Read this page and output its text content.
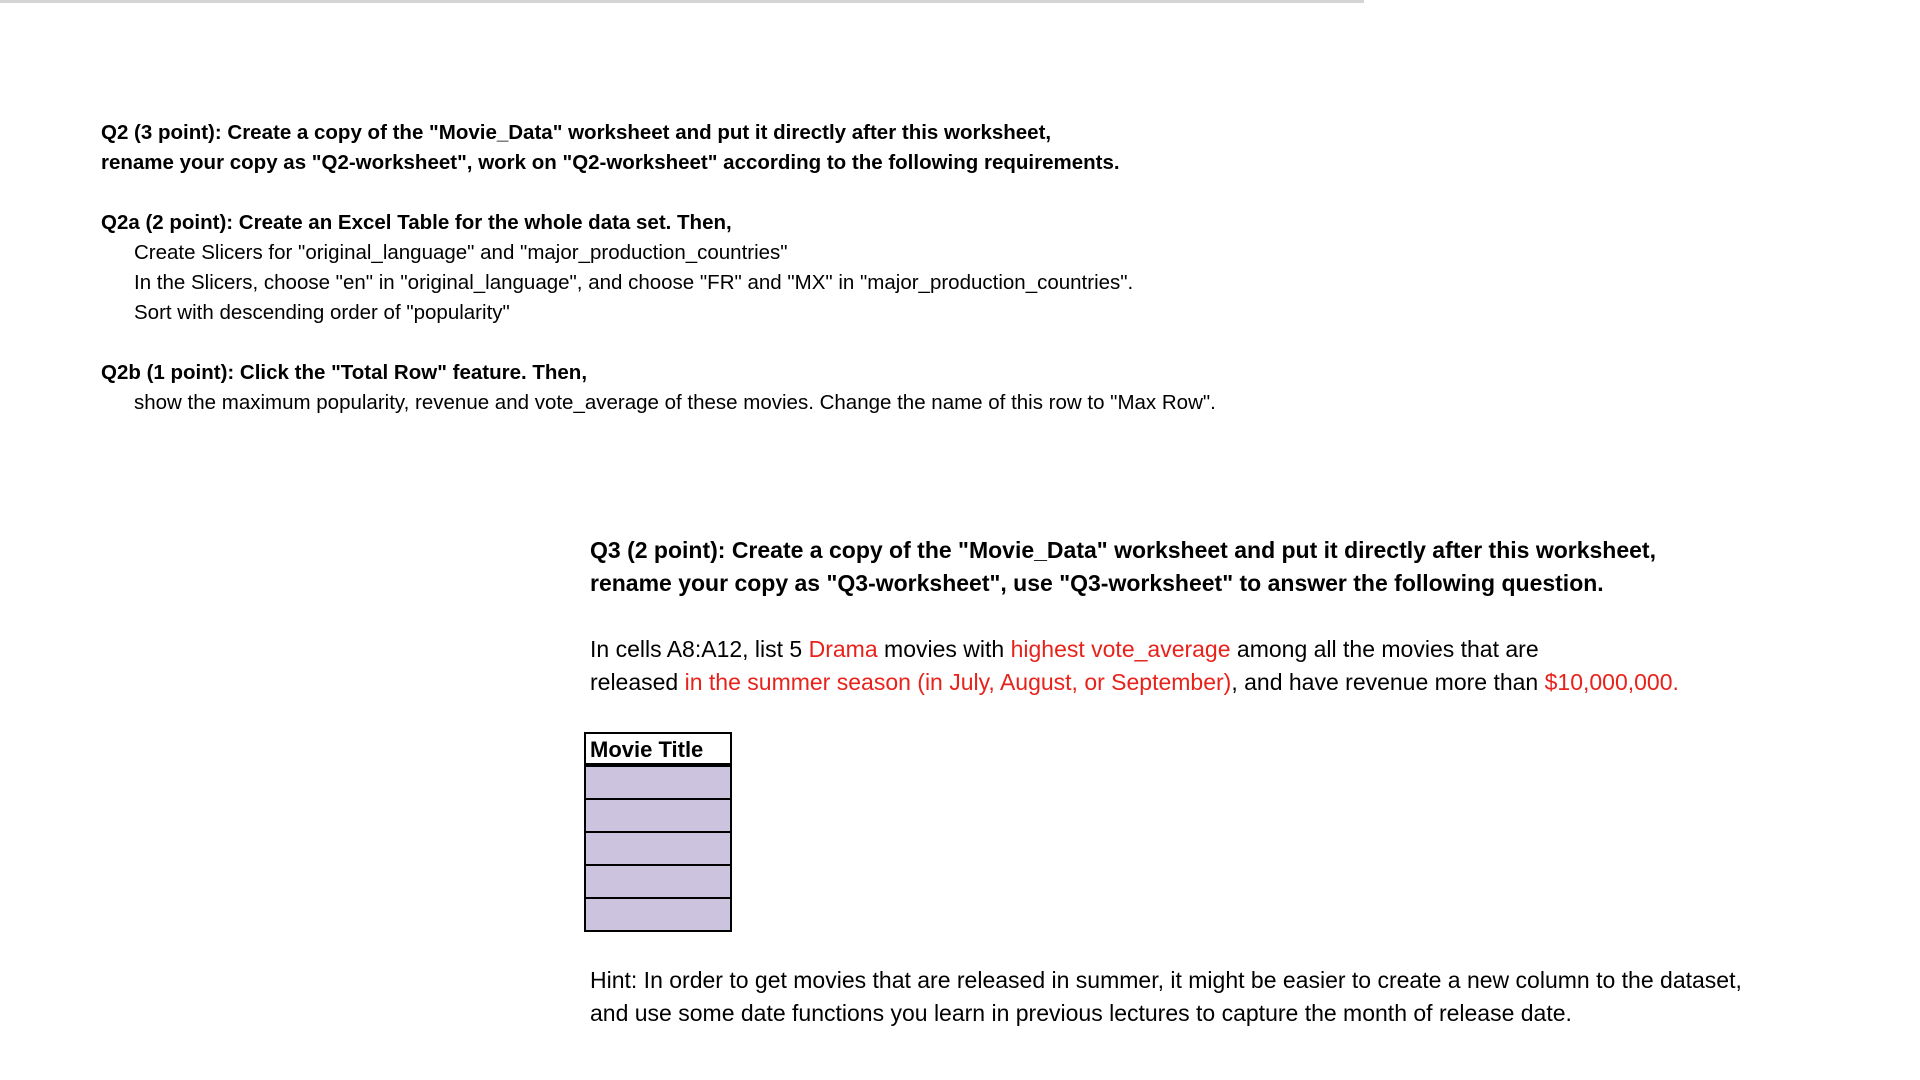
Q2 (3 point): Create a copy of the "Movie_Data" worksheet and put it directly after this worksheet,
rename your copy as "Q2-worksheet", work on "Q2-worksheet" according to the following requirements.
Q2a (2 point): Create an Excel Table for the whole data set. Then,
Create Slicers for "original_language" and "major_production_countries"
In the Slicers, choose "en" in "original_language", and choose "FR" and "MX" in "major_production_countries".
Sort with descending order of "popularity"
Q2b (1 point): Click the "Total Row" feature. Then,
show the maximum popularity, revenue and vote_average of these movies. Change the name of this row to "Max Row".
Q3 (2 point): Create a copy of the "Movie_Data" worksheet and put it directly after this worksheet,
rename your copy as "Q3-worksheet", use "Q3-worksheet" to answer the following question.
In cells A8:A12, list 5 Drama movies with highest vote_average among all the movies that are
released in the summer season (in July, August, or September), and have revenue more than $10,000,000.
Movie Title
Hint: In order to get movies that are released in summer, it might be easier to create a new column to the dataset,
and use some date functions you learn in previous lectures to capture the month of release date.
